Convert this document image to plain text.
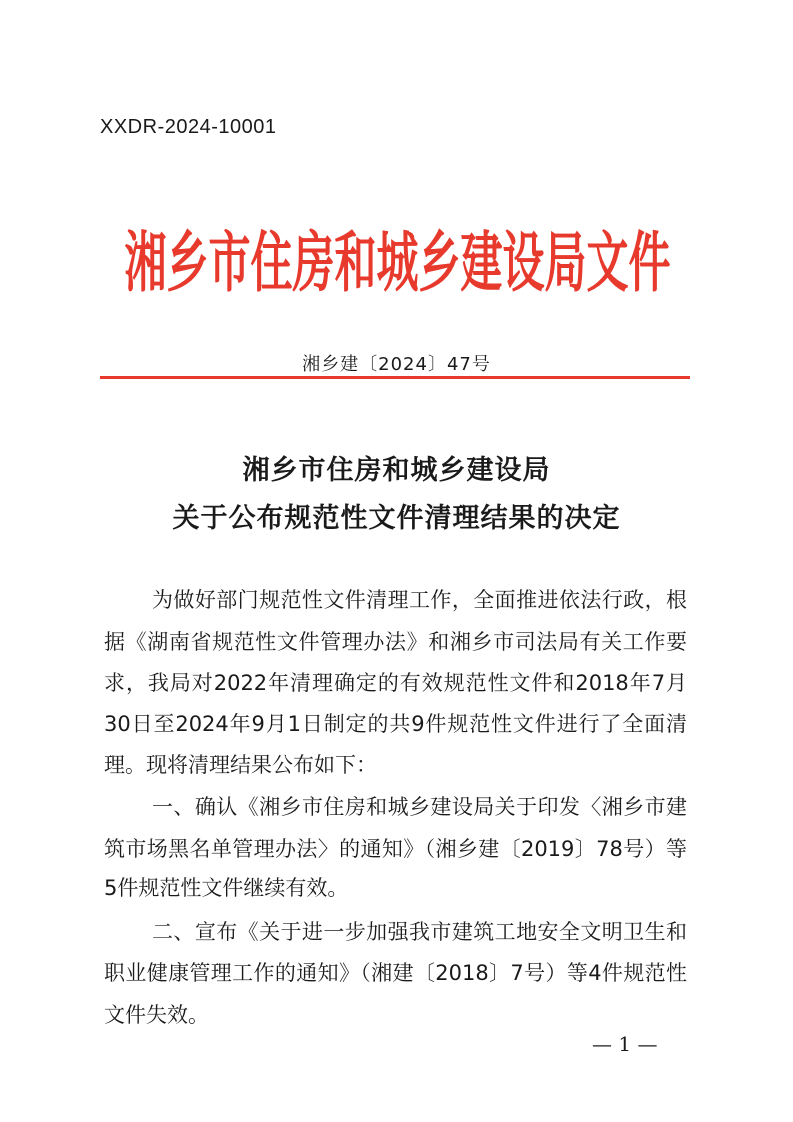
XXDR-2024-10001
湘乡市住房和城乡建设局文件
湘乡建〔2024〕47号
湘乡市住房和城乡建设局
关于公布规范性文件清理结果的决定
为做好部门规范性文件清理工作，全面推进依法行政，根
据《湖南省规范性文件管理办法》和湘乡市司法局有关工作要
求，我局对2022年清理确定的有效规范性文件和2018年7月
30日至2024年9月1日制定的共9件规范性文件进行了全面清
理。现将清理结果公布如下：
一、确认《湘乡市住房和城乡建设局关于印发〈湘乡市建
筑市场黑名单管理办法〉的通知》（湘乡建〔2019〕78号）等
5件规范性文件继续有效。
二、宣布《关于进一步加强我市建筑工地安全文明卫生和
职业健康管理工作的通知》（湘建〔2018〕7号）等4件规范性
文件失效。
— 1 —
